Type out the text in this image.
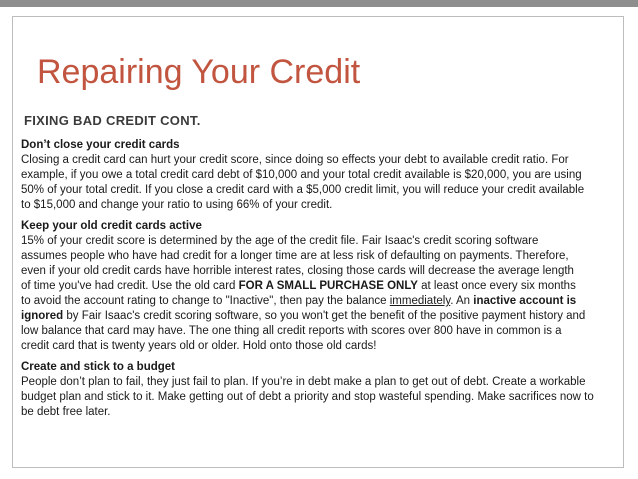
Repairing Your Credit
FIXING BAD CREDIT CONT.
Don’t close your credit cards
Closing a credit card can hurt your credit score, since doing so effects your debt to available credit ratio. For example, if you owe a total credit card debt of $10,000 and your total credit available is $20,000, you are using 50% of your total credit. If you close a credit card with a $5,000 credit limit, you will reduce your credit available to $15,000 and change your ratio to using 66% of your credit.
Keep your old credit cards active
15% of your credit score is determined by the age of the credit file. Fair Isaac's credit scoring software assumes people who have had credit for a longer time are at less risk of defaulting on payments. Therefore, even if your old credit cards have horrible interest rates, closing those cards will decrease the average length of time you've had credit. Use the old card FOR A SMALL PURCHASE ONLY at least once every six months to avoid the account rating to change to "Inactive", then pay the balance immediately. An inactive account is ignored by Fair Isaac's credit scoring software, so you won't get the benefit of the positive payment history and low balance that card may have. The one thing all credit reports with scores over 800 have in common is a credit card that is twenty years old or older. Hold onto those old cards!
Create and stick to a budget
People don’t plan to fail, they just fail to plan. If you’re in debt make a plan to get out of debt. Create a workable budget plan and stick to it. Make getting out of debt a priority and stop wasteful spending. Make sacrifices now to be debt free later.
